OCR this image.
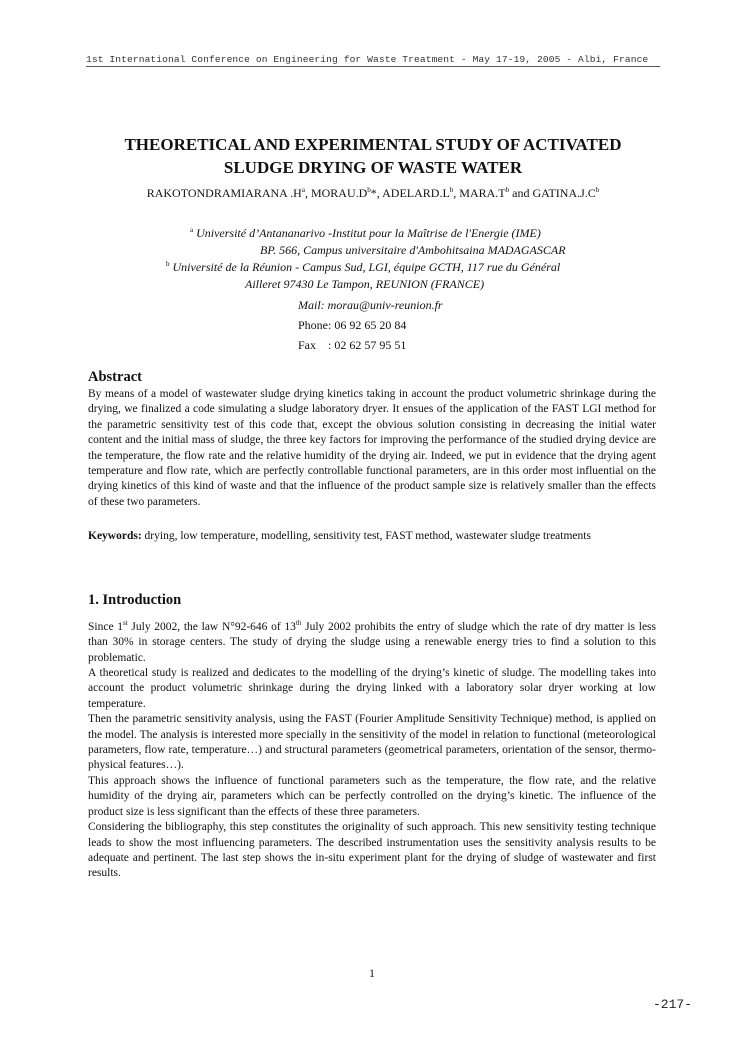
1st International Conference on Engineering for Waste Treatment - May 17-19, 2005 - Albi, France
THEORETICAL AND EXPERIMENTAL STUDY OF ACTIVATED
SLUDGE DRYING OF WASTE WATER
RAKOTONDRAMIARANA $.H^a$, $MORAU.D^b*$, $ADELARD.L^b$, $MARA.T^b$ and $GATINA.J.C^b$
$^a$ Université d’Antananarivo -Institut pour la Maîtrise de l'Energie (IME)
BP. 566, Campus universitaire d'Ambohitsaina MADAGASCAR
$^b$ Université de la Réunion - Campus Sud, LGI, équipe GCTH, 117 rue du Général
Ailleret 97430 Le Tampon, REUNION (FRANCE)
Mail: morau@univ-reunion.fr
Phone: 06 92 65 20 84
Fax    : 02 62 57 95 51
Abstract

By means of a model of wastewater sludge drying kinetics taking in account the product volumetric shrinkage during the drying, we finalized a code simulating a sludge laboratory dryer. It ensues of the application of the FAST LGI method for the parametric sensitivity test of this code that, except the obvious solution consisting in decreasing the initial water content and the initial mass of sludge, the three key factors for improving the performance of the studied drying device are the temperature, the flow rate and the relative humidity of the drying air. Indeed, we put in evidence that the drying agent temperature and flow rate, which are perfectly controllable functional parameters, are in this order most influential on the drying kinetics of this kind of waste and that the influence of the product sample size is relatively smaller than the effects of these two parameters.

Keywords: drying, low temperature, modelling, sensitivity test, FAST method, wastewater sludge treatments
1. Introduction

Since 1st July 2002, the law N°92-646 of 13th July 2002 prohibits the entry of sludge which the rate of dry matter is less than 30% in storage centers. The study of drying the sludge using a renewable energy tries to find a solution to this problematic.

A theoretical study is realized and dedicates to the modelling of the drying’s kinetic of sludge. The modelling takes into account the product volumetric shrinkage during the drying linked with a laboratory solar dryer working at low temperature.

Then the parametric sensitivity analysis, using the FAST (Fourier Amplitude Sensitivity Technique) method, is applied on the model. The analysis is interested more specially in the sensitivity of the model in relation to functional (meteorological parameters, flow rate, temperature…) and structural parameters (geometrical parameters, orientation of the sensor, thermo-physical features…).

This approach shows the influence of functional parameters such as the temperature, the flow rate, and the relative humidity of the drying air, parameters which can be perfectly controlled on the drying’s kinetic. The influence of the product size is less significant than the effects of these three parameters.

Considering the bibliography, this step constitutes the originality of such approach. This new sensitivity testing technique leads to show the most influencing parameters. The described instrumentation uses the sensitivity analysis results to be adequate and pertinent. The last step shows the in-situ experiment plant for the drying of sludge of wastewater and first results.

1
-217-
